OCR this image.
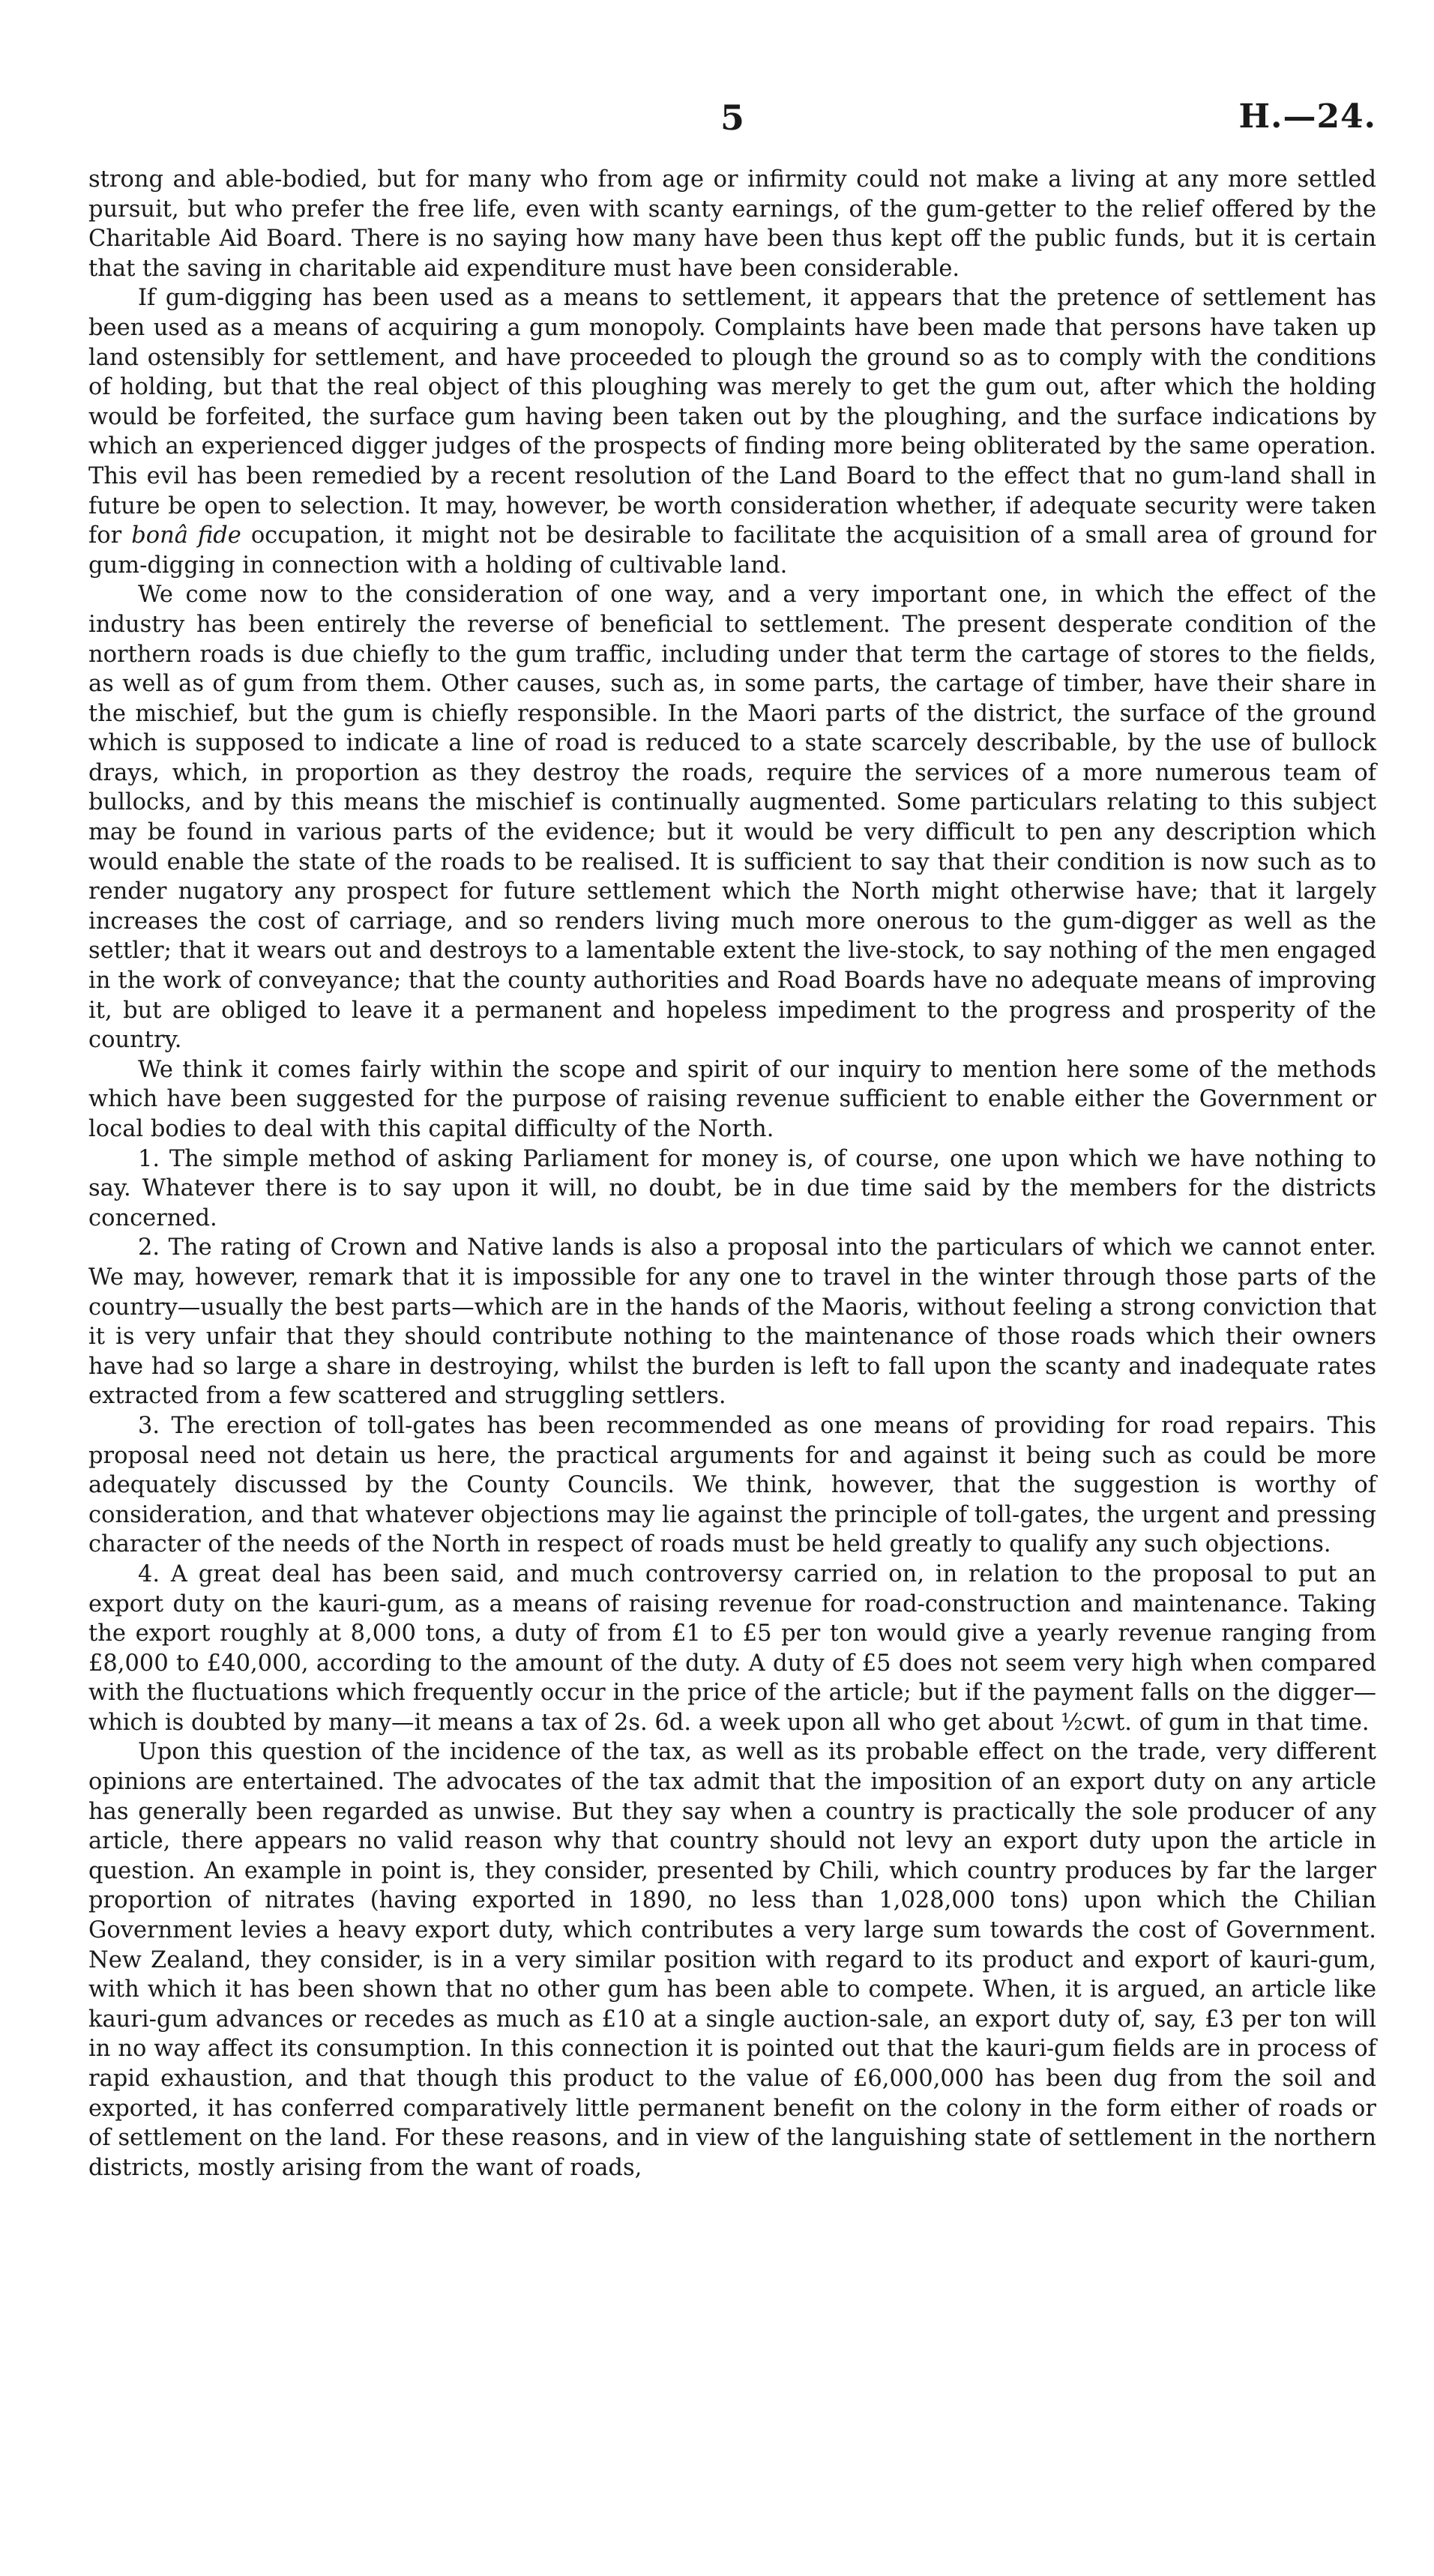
5	H.—24.

strong and able-bodied, but for many who from age or infirmity could not make a living at any more settled pursuit, but who prefer the free life, even with scanty earnings, of the gum-getter to the relief offered by the Charitable Aid Board. There is no saying how many have been thus kept off the public funds, but it is certain that the saving in charitable aid expenditure must have been considerable.

If gum-digging has been used as a means to settlement, it appears that the pretence of settlement has been used as a means of acquiring a gum monopoly. Complaints have been made that persons have taken up land ostensibly for settlement, and have proceeded to plough the ground so as to comply with the conditions of holding, but that the real object of this ploughing was merely to get the gum out, after which the holding would be forfeited, the surface gum having been taken out by the ploughing, and the surface indications by which an experienced digger judges of the prospects of finding more being obliterated by the same operation. This evil has been remedied by a recent resolution of the Land Board to the effect that no gum-land shall in future be open to selection. It may, however, be worth consideration whether, if adequate security were taken for bonâ fide occupation, it might not be desirable to facilitate the acquisition of a small area of ground for gum-digging in connection with a holding of cultivable land.

We come now to the consideration of one way, and a very important one, in which the effect of the industry has been entirely the reverse of beneficial to settlement. The present desperate condition of the northern roads is due chiefly to the gum traffic, including under that term the cartage of stores to the fields, as well as of gum from them. Other causes, such as, in some parts, the cartage of timber, have their share in the mischief, but the gum is chiefly responsible. In the Maori parts of the district, the surface of the ground which is supposed to indicate a line of road is reduced to a state scarcely describable, by the use of bullock drays, which, in proportion as they destroy the roads, require the services of a more numerous team of bullocks, and by this means the mischief is continually augmented. Some particulars relating to this subject may be found in various parts of the evidence; but it would be very difficult to pen any description which would enable the state of the roads to be realised. It is sufficient to say that their condition is now such as to render nugatory any prospect for future settlement which the North might otherwise have; that it largely increases the cost of carriage, and so renders living much more onerous to the gum-digger as well as the settler; that it wears out and destroys to a lamentable extent the live-stock, to say nothing of the men engaged in the work of conveyance; that the county authorities and Road Boards have no adequate means of improving it, but are obliged to leave it a permanent and hopeless impediment to the progress and prosperity of the country.

We think it comes fairly within the scope and spirit of our inquiry to mention here some of the methods which have been suggested for the purpose of raising revenue sufficient to enable either the Government or local bodies to deal with this capital difficulty of the North.

1. The simple method of asking Parliament for money is, of course, one upon which we have nothing to say. Whatever there is to say upon it will, no doubt, be in due time said by the members for the districts concerned.

2. The rating of Crown and Native lands is also a proposal into the particulars of which we cannot enter. We may, however, remark that it is impossible for any one to travel in the winter through those parts of the country—usually the best parts—which are in the hands of the Maoris, without feeling a strong conviction that it is very unfair that they should contribute nothing to the maintenance of those roads which their owners have had so large a share in destroying, whilst the burden is left to fall upon the scanty and inadequate rates extracted from a few scattered and struggling settlers.

3. The erection of toll-gates has been recommended as one means of providing for road repairs. This proposal need not detain us here, the practical arguments for and against it being such as could be more adequately discussed by the County Councils. We think, however, that the suggestion is worthy of consideration, and that whatever objections may lie against the principle of toll-gates, the urgent and pressing character of the needs of the North in respect of roads must be held greatly to qualify any such objections.

4. A great deal has been said, and much controversy carried on, in relation to the proposal to put an export duty on the kauri-gum, as a means of raising revenue for road-construction and maintenance. Taking the export roughly at 8,000 tons, a duty of from £1 to £5 per ton would give a yearly revenue ranging from £8,000 to £40,000, according to the amount of the duty. A duty of £5 does not seem very high when compared with the fluctuations which frequently occur in the price of the article; but if the payment falls on the digger—which is doubted by many—it means a tax of 2s. 6d. a week upon all who get about ½cwt. of gum in that time.

Upon this question of the incidence of the tax, as well as its probable effect on the trade, very different opinions are entertained. The advocates of the tax admit that the imposition of an export duty on any article has generally been regarded as unwise. But they say when a country is practically the sole producer of any article, there appears no valid reason why that country should not levy an export duty upon the article in question. An example in point is, they consider, presented by Chili, which country produces by far the larger proportion of nitrates (having exported in 1890, no less than 1,028,000 tons) upon which the Chilian Government levies a heavy export duty, which contributes a very large sum towards the cost of Government. New Zealand, they consider, is in a very similar position with regard to its product and export of kauri-gum, with which it has been shown that no other gum has been able to compete. When, it is argued, an article like kauri-gum advances or recedes as much as £10 at a single auction-sale, an export duty of, say, £3 per ton will in no way affect its consumption. In this connection it is pointed out that the kauri-gum fields are in process of rapid exhaustion, and that though this product to the value of £6,000,000 has been dug from the soil and exported, it has conferred comparatively little permanent benefit on the colony in the form either of roads or of settlement on the land. For these reasons, and in view of the languishing state of settlement in the northern districts, mostly arising from the want of roads,
